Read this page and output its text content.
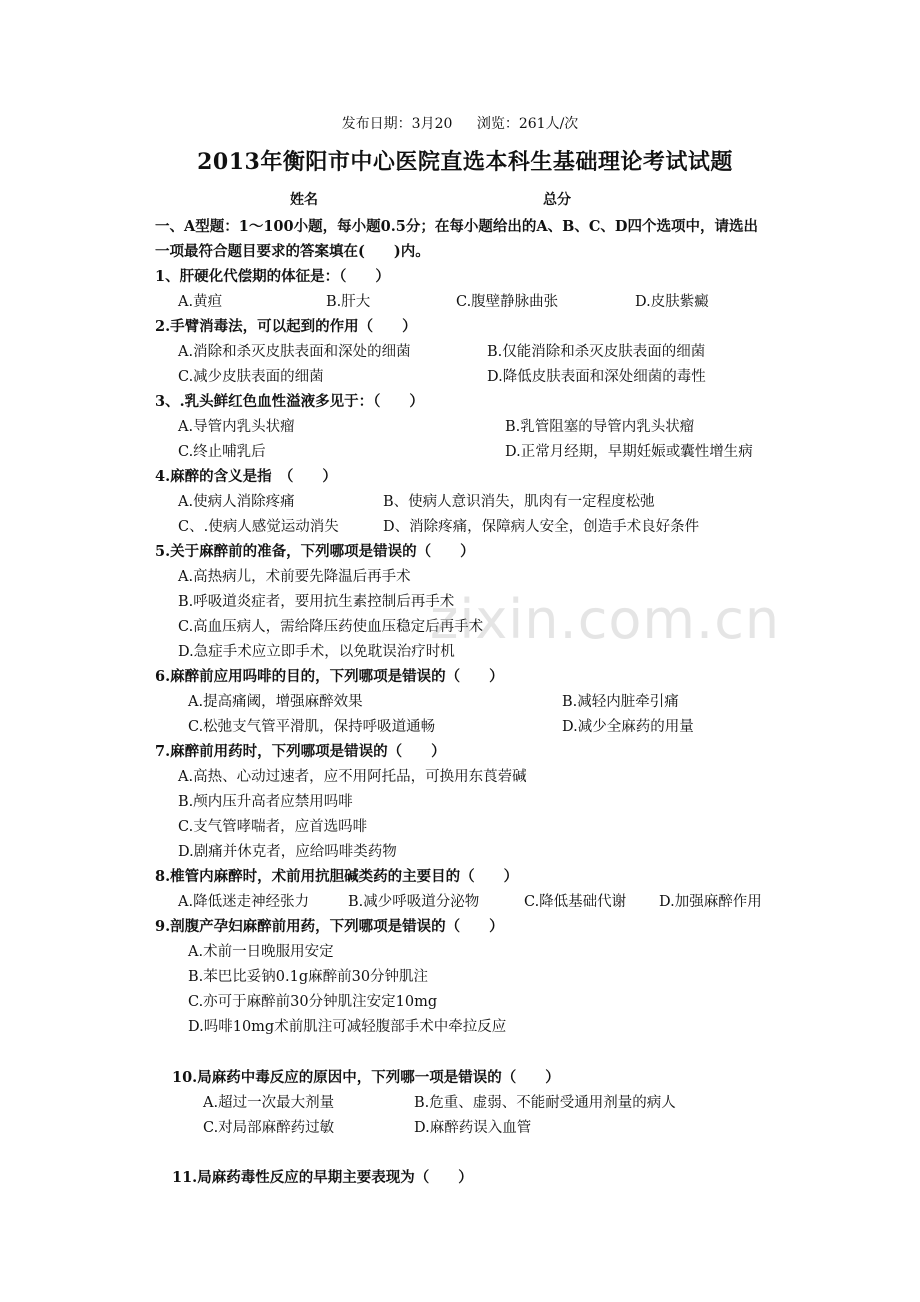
发布日期：3月20 浏览：261人/次
2013年衡阳市中心医院直选本科生基础理论考试试题
姓名	总分
一、A型题：1～100小题，每小题0.5分；在每小题给出的A、B、C、D四个选项中，请选出
一项最符合题目要求的答案填在(　　)内。
1、肝硬化代偿期的体征是：（　　）
A.黄疸	B.肝大	C.腹壁静脉曲张	D.皮肤紫癜
2.手臂消毒法，可以起到的作用（　　）
A.消除和杀灭皮肤表面和深处的细菌	B.仅能消除和杀灭皮肤表面的细菌
C.减少皮肤表面的细菌	D.降低皮肤表面和深处细菌的毒性
3、.乳头鲜红色血性溢液多见于：（　　）
A.导管内乳头状瘤	B.乳管阻塞的导管内乳头状瘤
C.终止哺乳后	D.正常月经期，早期妊娠或囊性增生病
4.麻醉的含义是指　（　　）
A.使病人消除疼痛	B、使病人意识消失，肌肉有一定程度松弛
C、.使病人感觉运动消失	D、消除疼痛，保障病人安全，创造手术良好条件
5.关于麻醉前的准备，下列哪项是错误的（　　）
A.高热病儿，术前要先降温后再手术
B.呼吸道炎症者，要用抗生素控制后再手术
C.高血压病人，需给降压药使血压稳定后再手术
D.急症手术应立即手术，以免耽误治疗时机
6.麻醉前应用吗啡的目的，下列哪项是错误的（　　）
A.提高痛阈，增强麻醉效果	B.减轻内脏牵引痛
C.松弛支气管平滑肌，保持呼吸道通畅	D.减少全麻药的用量
7.麻醉前用药时，下列哪项是错误的（　　）
A.高热、心动过速者，应不用阿托品，可换用东莨菪碱
B.颅内压升高者应禁用吗啡
C.支气管哮喘者，应首选吗啡
D.剧痛并休克者，应给吗啡类药物
8.椎管内麻醉时，术前用抗胆碱类药的主要目的（　　）
A.降低迷走神经张力	B.减少呼吸道分泌物	C.降低基础代谢 D.加强麻醉作用
9.剖腹产孕妇麻醉前用药，下列哪项是错误的（　　）
A.术前一日晚服用安定
B.苯巴比妥钠0.1g麻醉前30分钟肌注
C.亦可于麻醉前30分钟肌注安定10mg
D.吗啡10mg术前肌注可减轻腹部手术中牵拉反应
10.局麻药中毒反应的原因中，下列哪一项是错误的（　　）
A.超过一次最大剂量	B.危重、虚弱、不能耐受通用剂量的病人
C.对局部麻醉药过敏	D.麻醉药误入血管
11.局麻药毒性反应的早期主要表现为（　　）
zixin.com.cn
